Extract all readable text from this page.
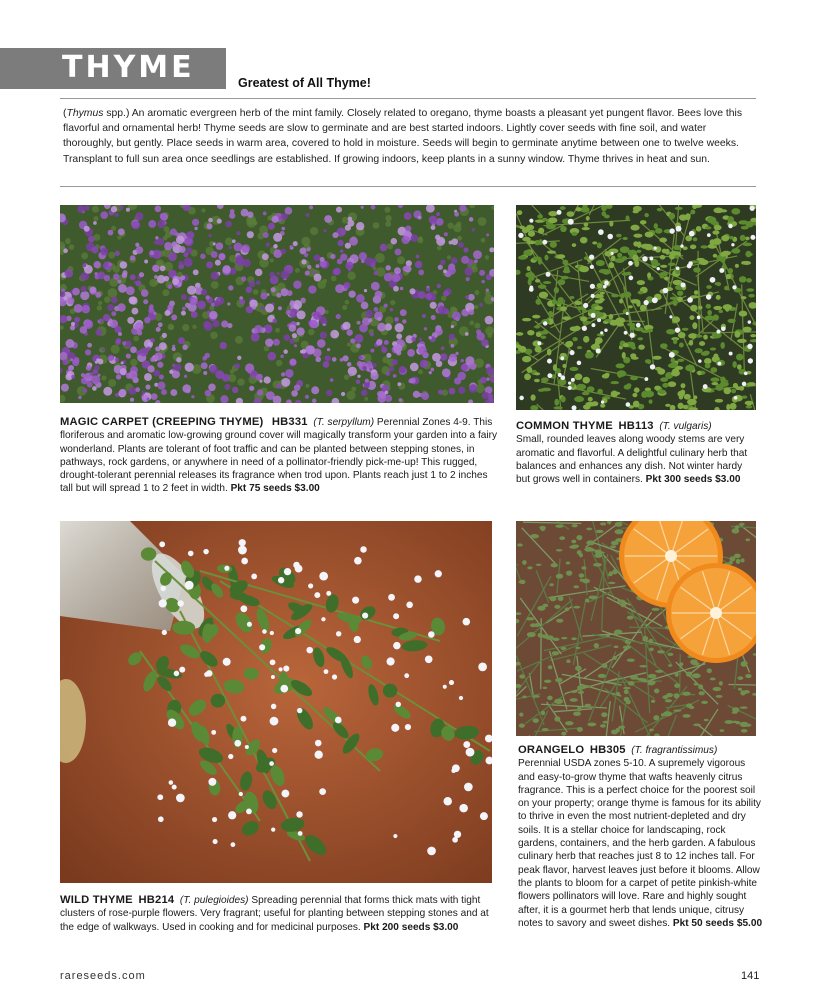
THYME	Greatest of All Thyme!
(Thymus spp.) An aromatic evergreen herb of the mint family. Closely related to oregano, thyme boasts a pleasant yet pungent flavor. Bees love this flavorful and ornamental herb! Thyme seeds are slow to germinate and are best started indoors. Lightly cover seeds with fine soil, and water thoroughly, but gently. Place seeds in warm area, covered to hold in moisture. Seeds will begin to germinate anytime between one to twelve weeks. Transplant to full sun area once seedlings are established. If growing indoors, keep plants in a sunny window. Thyme thrives in heat and sun.
MAGIC CARPET (CREEPING THYME) HB331 (T. serpyllum) Perennial Zones 4-9. This floriferous and aromatic low-growing ground cover will magically transform your garden into a fairy wonderland. Plants are tolerant of foot traffic and can be planted between stepping stones, in pathways, rock gardens, or anywhere in need of a pollinator-friendly pick-me-up! This rugged, drought-tolerant perennial releases its fragrance when trod upon. Plants reach just 1 to 2 inches tall but will spread 1 to 2 feet in width. Pkt 75 seeds $3.00
COMMON THYME HB113 (T. vulgaris)
Small, rounded leaves along woody stems are very aromatic and flavorful. A delightful culinary herb that balances and enhances any dish. Not winter hardy but grows well in containers. Pkt 300 seeds $3.00
WILD THYME HB214 (T. pulegioides) Spreading perennial that forms thick mats with tight clusters of rose-purple flowers. Very fragrant; useful for planting between stepping stones and at the edge of walkways. Used in cooking and for medicinal purposes. Pkt 200 seeds $3.00
ORANGELO HB305 (T. fragrantissimus)
Perennial USDA zones 5-10. A supremely vigorous and easy-to-grow thyme that wafts heavenly citrus fragrance. This is a perfect choice for the poorest soil on your property; orange thyme is famous for its ability to thrive in even the most nutrient-depleted and dry soils. It is a stellar choice for landscaping, rock gardens, containers, and the herb garden. A fabulous culinary herb that reaches just 8 to 12 inches tall. For peak flavor, harvest leaves just before it blooms. Allow the plants to bloom for a carpet of petite pinkish-white flowers pollinators will love. Rare and highly sought after, it is a gourmet herb that lends unique, citrusy notes to savory and sweet dishes. Pkt 50 seeds $5.00
rareseeds.com	141
